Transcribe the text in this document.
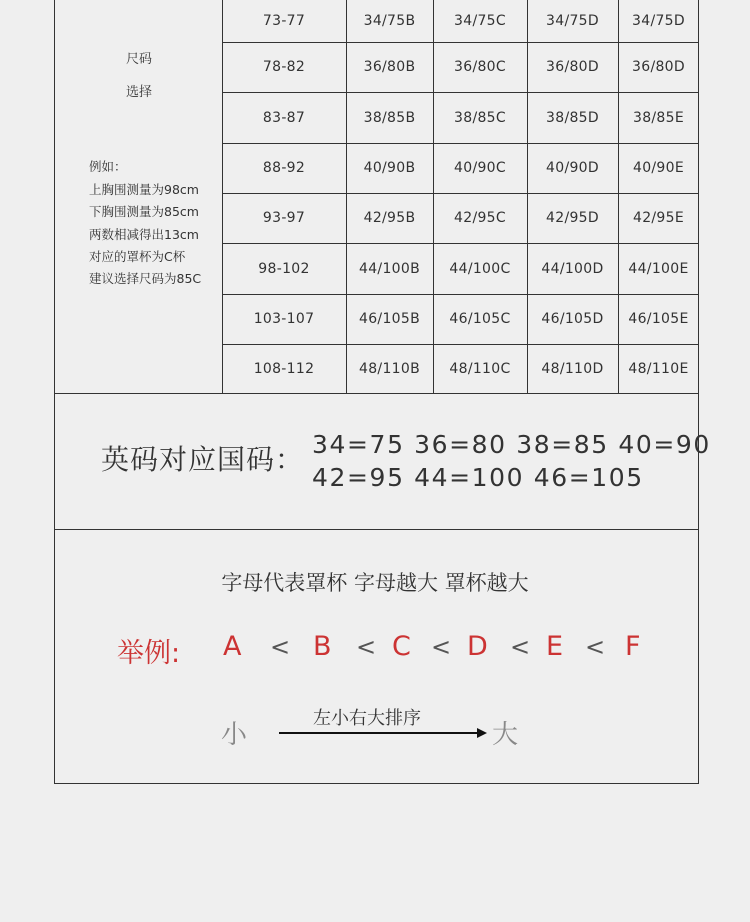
尺码
选择
例如：
上胸围测量为98cm
下胸围测量为85cm
两数相减得出13cm
对应的罩杯为C杯
建议选择尺码为85C
73-77	34/75B	34/75C	34/75D	34/75D
78-82	36/80B	36/80C	36/80D	36/80D
83-87	38/85B	38/85C	38/85D	38/85E
88-92	40/90B	40/90C	40/90D	40/90E
93-97	42/95B	42/95C	42/95D	42/95E
98-102	44/100B	44/100C	44/100D	44/100E
103-107	46/105B	46/105C	46/105D	46/105E
108-112	48/110B	48/110C	48/110D	48/110E
英码对应国码： 34=75 36=80 38=85 40=90
42=95 44=100 46=105
字母代表罩杯 字母越大 罩杯越大
举例: A < B < C < D < E < F
小
左小右大排序
大
